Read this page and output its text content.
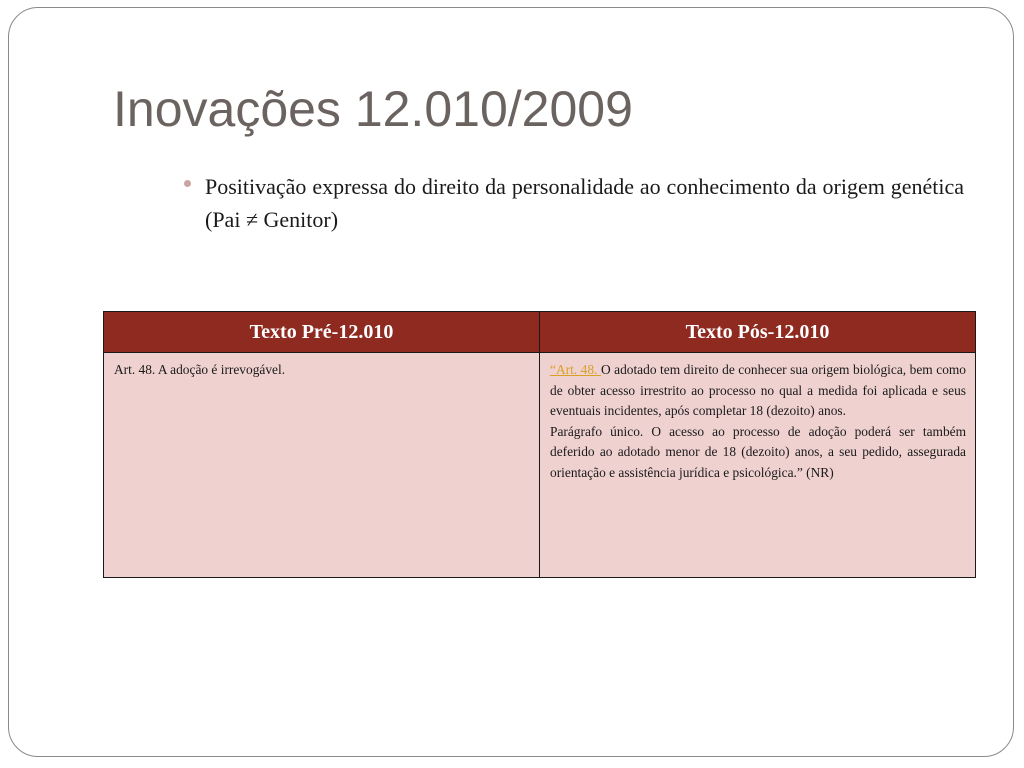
Inovações 12.010/2009
Positivação expressa do direito da personalidade ao conhecimento da origem genética (Pai ≠ Genitor)
Texto Pré-12.010	Texto Pós-12.010
Art. 48. A adoção é irrevogável.	“Art. 48. O adotado tem direito de conhecer sua origem biológica, bem como de obter acesso irrestrito ao processo no qual a medida foi aplicada e seus eventuais incidentes, após completar 18 (dezoito) anos.
Parágrafo único. O acesso ao processo de adoção poderá ser também deferido ao adotado menor de 18 (dezoito) anos, a seu pedido, assegurada orientação e assistência jurídica e psicológica.” (NR)
